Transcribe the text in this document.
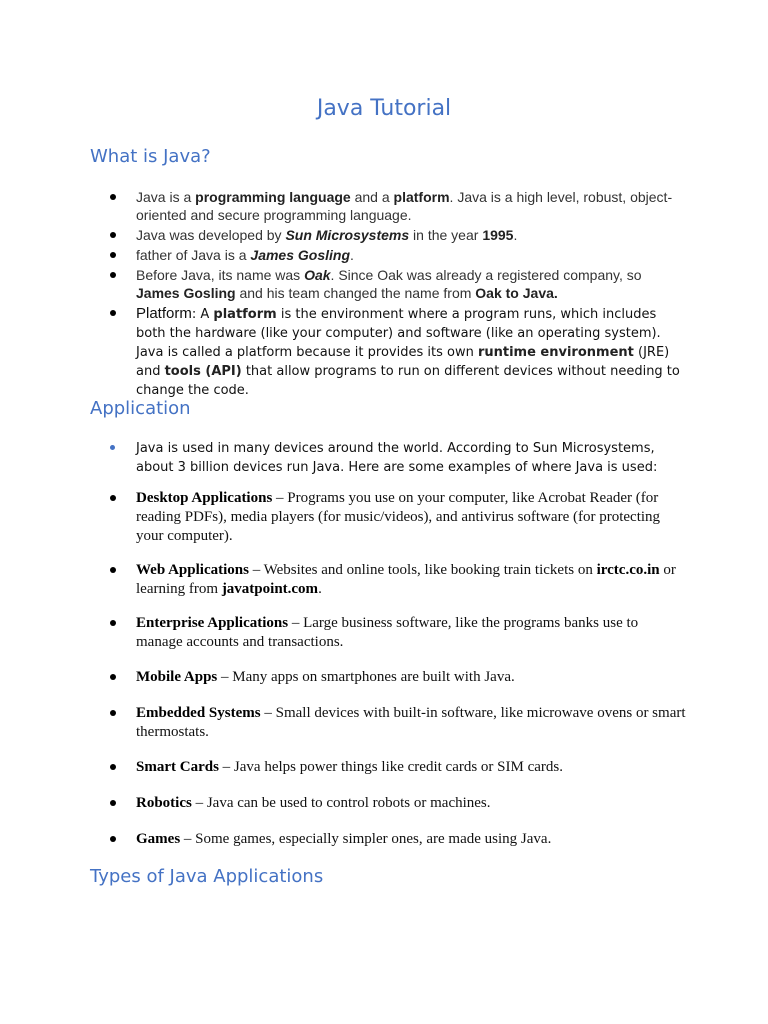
Java Tutorial
What is Java?
Java is a programming language and a platform. Java is a high level, robust, object-oriented and secure programming language.
Java was developed by Sun Microsystems in the year 1995.
father of Java is a James Gosling.
Before Java, its name was Oak. Since Oak was already a registered company, so James Gosling and his team changed the name from Oak to Java.
Platform: A platform is the environment where a program runs, which includes both the hardware (like your computer) and software (like an operating system). Java is called a platform because it provides its own runtime environment (JRE) and tools (API) that allow programs to run on different devices without needing to change the code.
Application
Java is used in many devices around the world. According to Sun Microsystems, about 3 billion devices run Java. Here are some examples of where Java is used:
Desktop Applications – Programs you use on your computer, like Acrobat Reader (for reading PDFs), media players (for music/videos), and antivirus software (for protecting your computer).
Web Applications – Websites and online tools, like booking train tickets on irctc.co.in or learning from javatpoint.com.
Enterprise Applications – Large business software, like the programs banks use to manage accounts and transactions.
Mobile Apps – Many apps on smartphones are built with Java.
Embedded Systems – Small devices with built-in software, like microwave ovens or smart thermostats.
Smart Cards – Java helps power things like credit cards or SIM cards.
Robotics – Java can be used to control robots or machines.
Games – Some games, especially simpler ones, are made using Java.
Types of Java Applications
